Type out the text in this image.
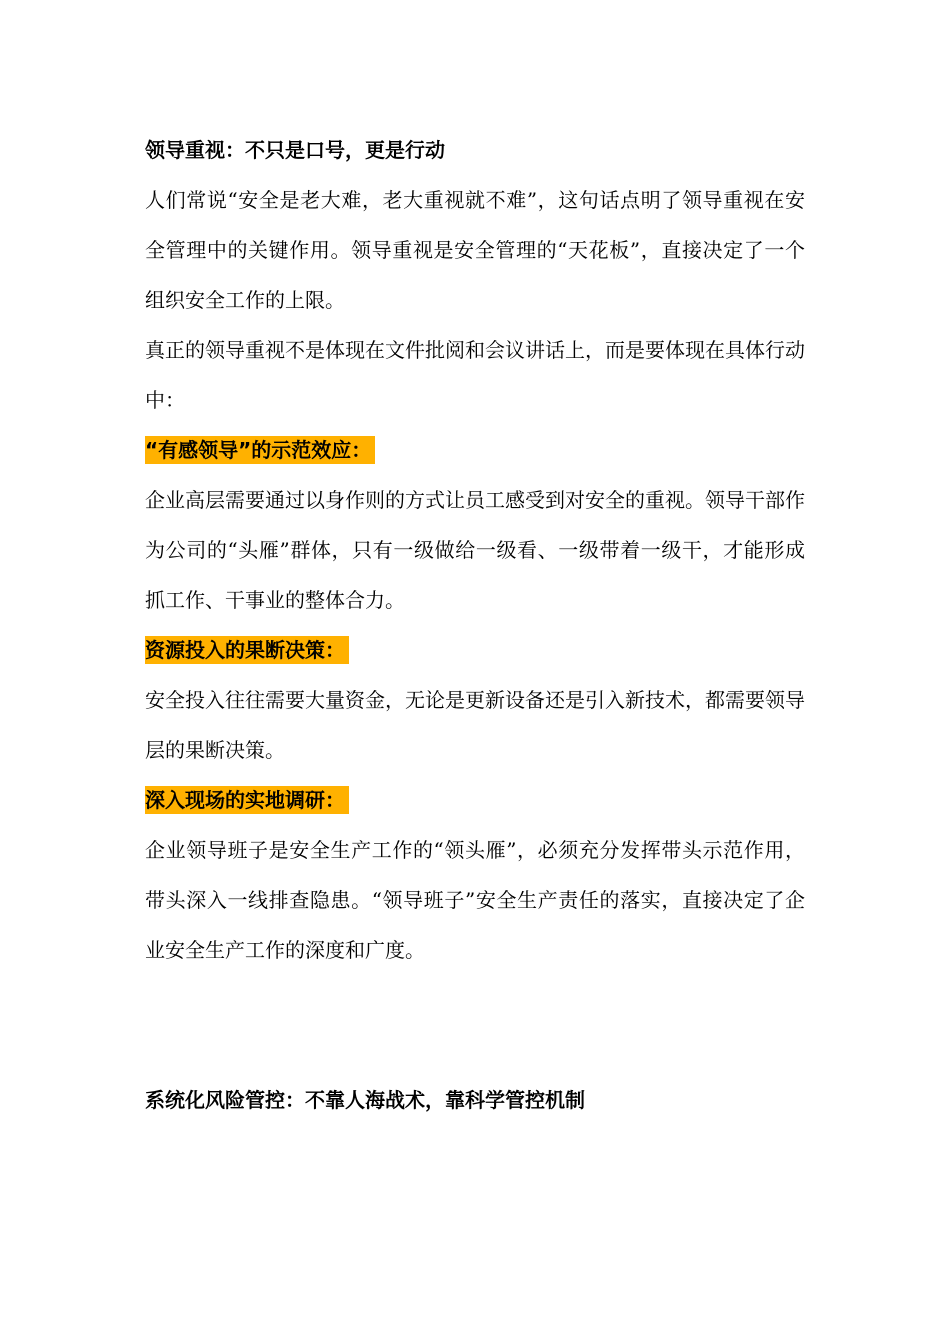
领导重视：不只是口号，更是行动

人们常说“安全是老大难，老大重视就不难”，这句话点明了领导重视在安全管理中的关键作用。领导重视是安全管理的“天花板”，直接决定了一个组织安全工作的上限。

真正的领导重视不是体现在文件批阅和会议讲话上，而是要体现在具体行动中：

“有感领导”的示范效应：

企业高层需要通过以身作则的方式让员工感受到对安全的重视。领导干部作为公司的“头雁”群体，只有一级做给一级看、一级带着一级干，才能形成抓工作、干事业的整体合力。

资源投入的果断决策：

安全投入往往需要大量资金，无论是更新设备还是引入新技术，都需要领导层的果断决策。

深入现场的实地调研：

企业领导班子是安全生产工作的“领头雁”，必须充分发挥带头示范作用，带头深入一线排查隐患。“领导班子”安全生产责任的落实，直接决定了企业安全生产工作的深度和广度。

系统化风险管控：不靠人海战术，靠科学管控机制
